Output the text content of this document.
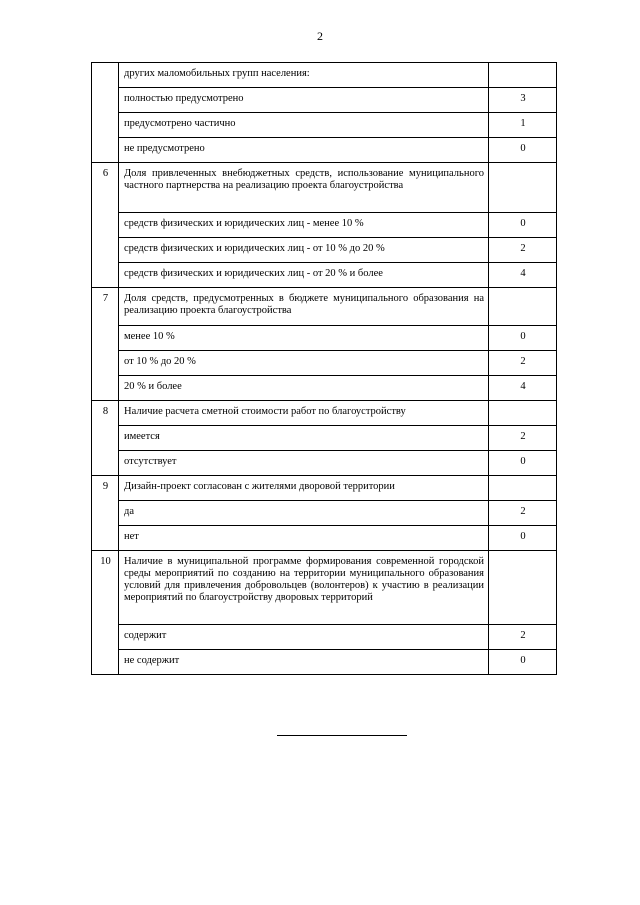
2
	других маломобильных групп населения:	
	полностью предусмотрено	3
	предусмотрено частично	1
	не предусмотрено	0
6	Доля привлеченных внебюджетных средств, использование муниципального частного партнерства на реализацию проекта благоустройства	
	средств физических и юридических лиц - менее 10 %	0
	средств физических и юридических лиц - от 10 % до 20 %	2
	средств физических и юридических лиц - от 20 % и более	4
7	Доля средств, предусмотренных в бюджете муниципального образования на реализацию проекта благоустройства	
	менее 10 %	0
	от 10 % до 20 %	2
	20 % и более	4
8	Наличие расчета сметной стоимости работ по благоустройству	
	имеется	2
	отсутствует	0
9	Дизайн-проект согласован с жителями дворовой территории	
	да	2
	нет	0
10	Наличие в муниципальной программе формирования современной городской среды мероприятий по созданию на территории муниципального образования условий для привлечения добровольцев (волонтеров) к участию в реализации мероприятий по благоустройству дворовых территорий	
	содержит	2
	не содержит	0
